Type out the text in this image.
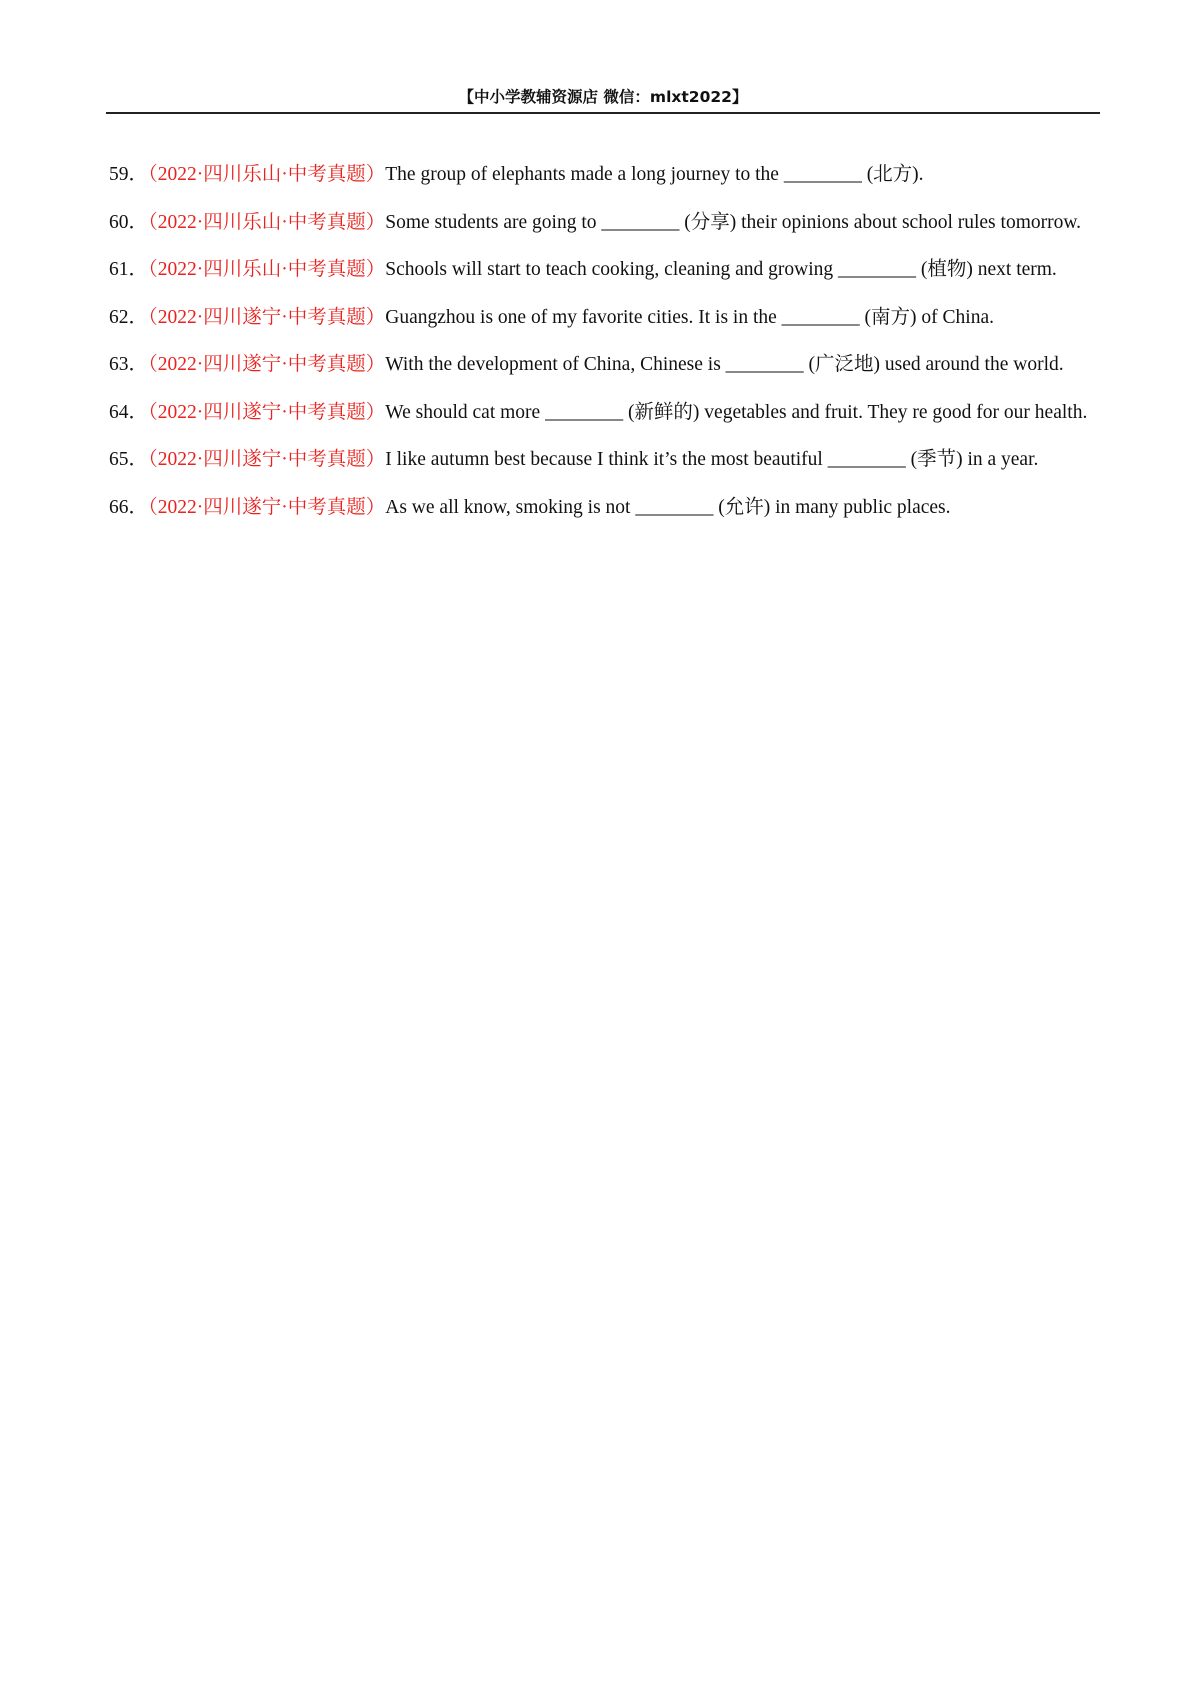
【中小学教辅资源店 微信：mlxt2022】

59．（2022·四川乐山·中考真题）The group of elephants made a long journey to the ________ (北方).

60．（2022·四川乐山·中考真题）Some students are going to ________ (分享) their opinions about school rules tomorrow.

61．（2022·四川乐山·中考真题）Schools will start to teach cooking, cleaning and growing ________ (植物) next term.

62．（2022·四川遂宁·中考真题）Guangzhou is one of my favorite cities. It is in the ________ (南方) of China.

63．（2022·四川遂宁·中考真题）With the development of China, Chinese is ________ (广泛地) used around the world.

64．（2022·四川遂宁·中考真题）We should cat more ________ (新鲜的) vegetables and fruit. They re good for our health.

65．（2022·四川遂宁·中考真题）I like autumn best because I think it’s the most beautiful ________ (季节) in a year.

66．（2022·四川遂宁·中考真题）As we all know, smoking is not ________ (允许) in many public places.
